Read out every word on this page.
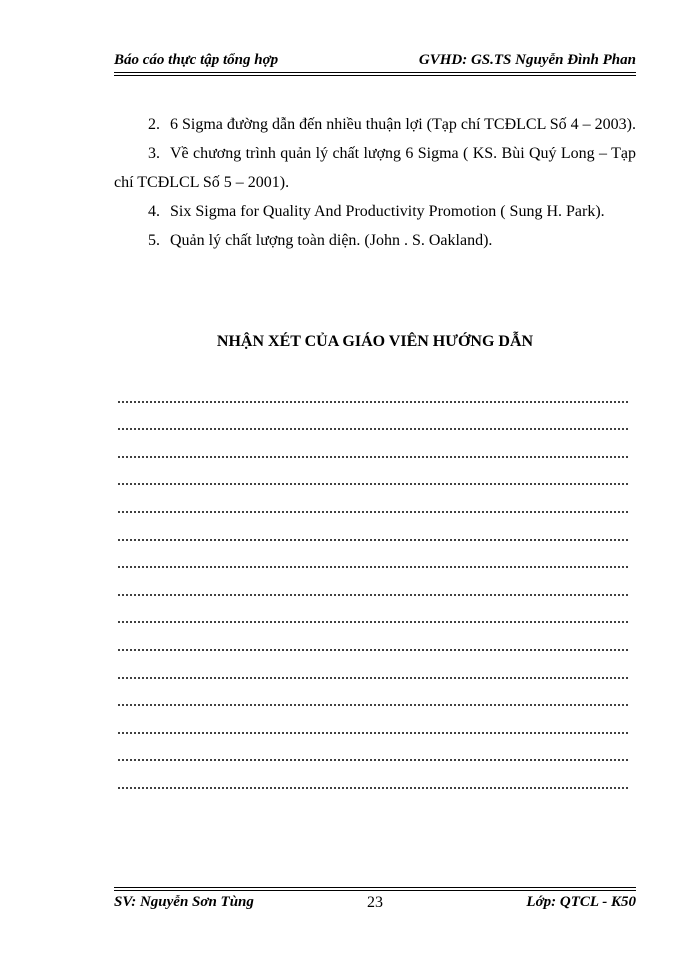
Báo cáo thực tập tổng hợp	GVHD: GS.TS Nguyễn Đình Phan

2. 6 Sigma đường dẫn đến nhiều thuận lợi (Tạp chí TCĐLCL Số 4 – 2003).

3. Về chương trình quản lý chất lượng 6 Sigma ( KS. Bùi Quý Long – Tạp chí TCĐLCL Số 5 – 2001).

4. Six Sigma for Quality And Productivity Promotion ( Sung H. Park).

5. Quản lý chất lượng toàn diện. (John . S. Oakland).

NHẬN XÉT CỦA GIÁO VIÊN HƯỚNG DẪN
SV: Nguyễn Sơn Tùng	23	Lớp: QTCL - K50
